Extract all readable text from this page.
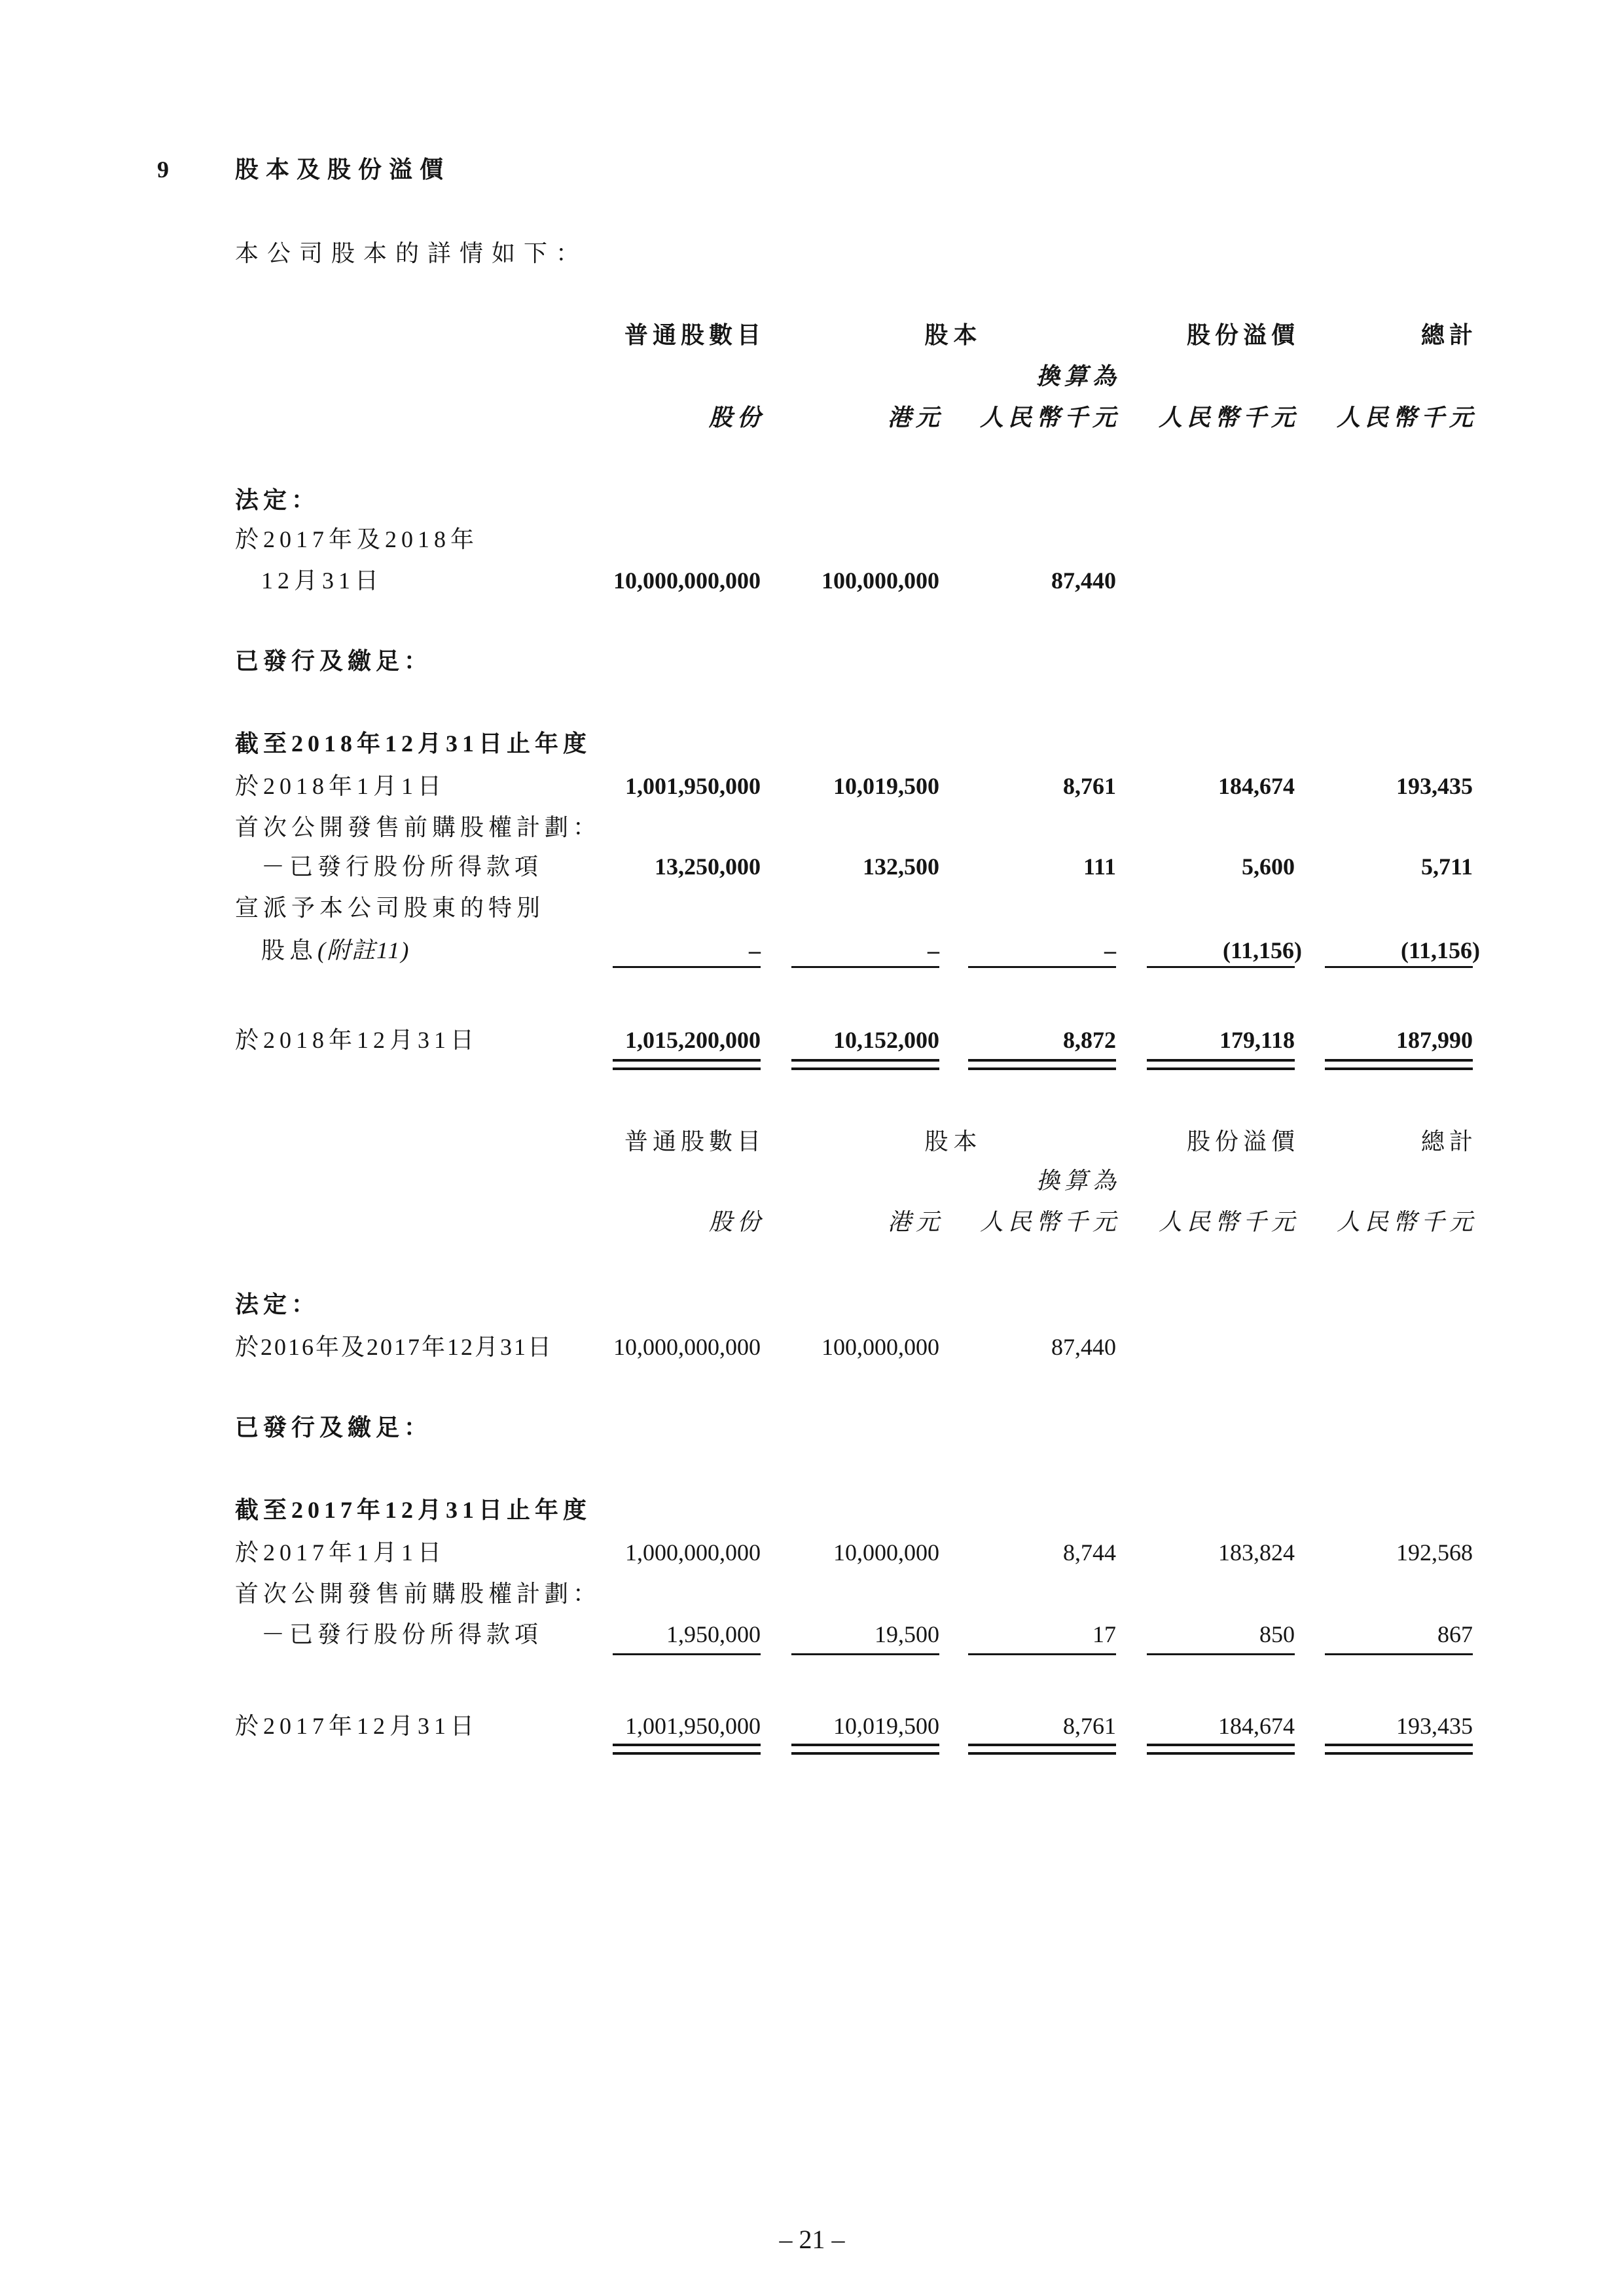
9	股本及股份溢價
本公司股本的詳情如下：
普通股數目	股本	股份溢價	總計
換算為
股份	港元 人民幣千元 人民幣千元 人民幣千元
法定：
於2017年及2018年
12月31日	10,000,000,000	100,000,000	87,440
已發行及繳足：
截至2018年12月31日止年度
於2018年1月1日	1,001,950,000	10,019,500	8,761	184,674	193,435
首次公開發售前購股權計劃：
－已發行股份所得款項	13,250,000	132,500	111	5,600	5,711
宣派予本公司股東的特別
股息(附註11)	–	–	–	(11,156)	(11,156)
於2018年12月31日	1,015,200,000	10,152,000	8,872	179,118	187,990
普通股數目	股本	股份溢價	總計
換算為
股份	港元 人民幣千元 人民幣千元 人民幣千元
法定：
於2016年及2017年12月31日	10,000,000,000	100,000,000	87,440
已發行及繳足：
截至2017年12月31日止年度
於2017年1月1日	1,000,000,000	10,000,000	8,744	183,824	192,568
首次公開發售前購股權計劃：
－已發行股份所得款項	1,950,000	19,500	17	850	867
於2017年12月31日	1,001,950,000	10,019,500	8,761	184,674	193,435
– 21 –
